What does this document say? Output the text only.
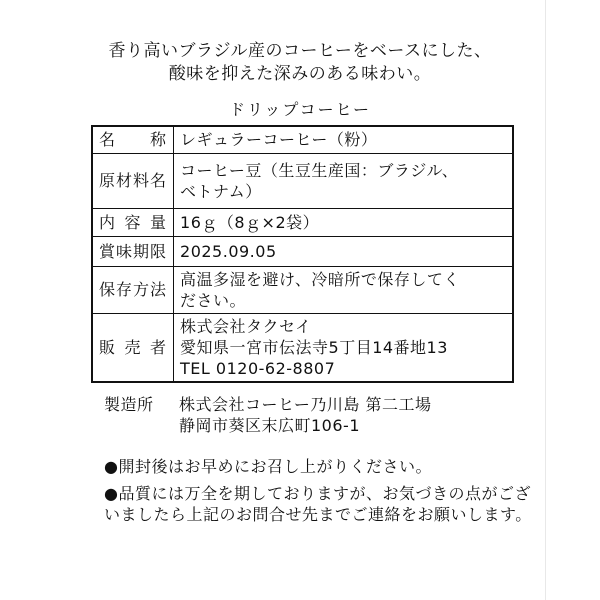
香り高いブラジル産のコーヒーをベースにした、
酸味を抑えた深みのある味わい。
ドリップコーヒー
名　称	レギュラーコーヒー（粉）

原材料名	コーヒー豆（生豆生産国：ブラジル、
ベトナム）

内 容 量	16ｇ（8ｇ×2袋）

賞味期限	2025.09.05

保存方法	高温多湿を避け、冷暗所で保存してく
ださい。

販 売 者	株式会社タクセイ
愛知県一宮市伝法寺5丁目14番地13
TEL 0120-62-8807
製造所	株式会社コーヒー乃川島 第二工場
静岡市葵区末広町106-1

●開封後はお早めにお召し上がりください。

●品質には万全を期しておりますが、お気づきの点がございましたら上記のお問合せ先までご連絡をお願いします。
